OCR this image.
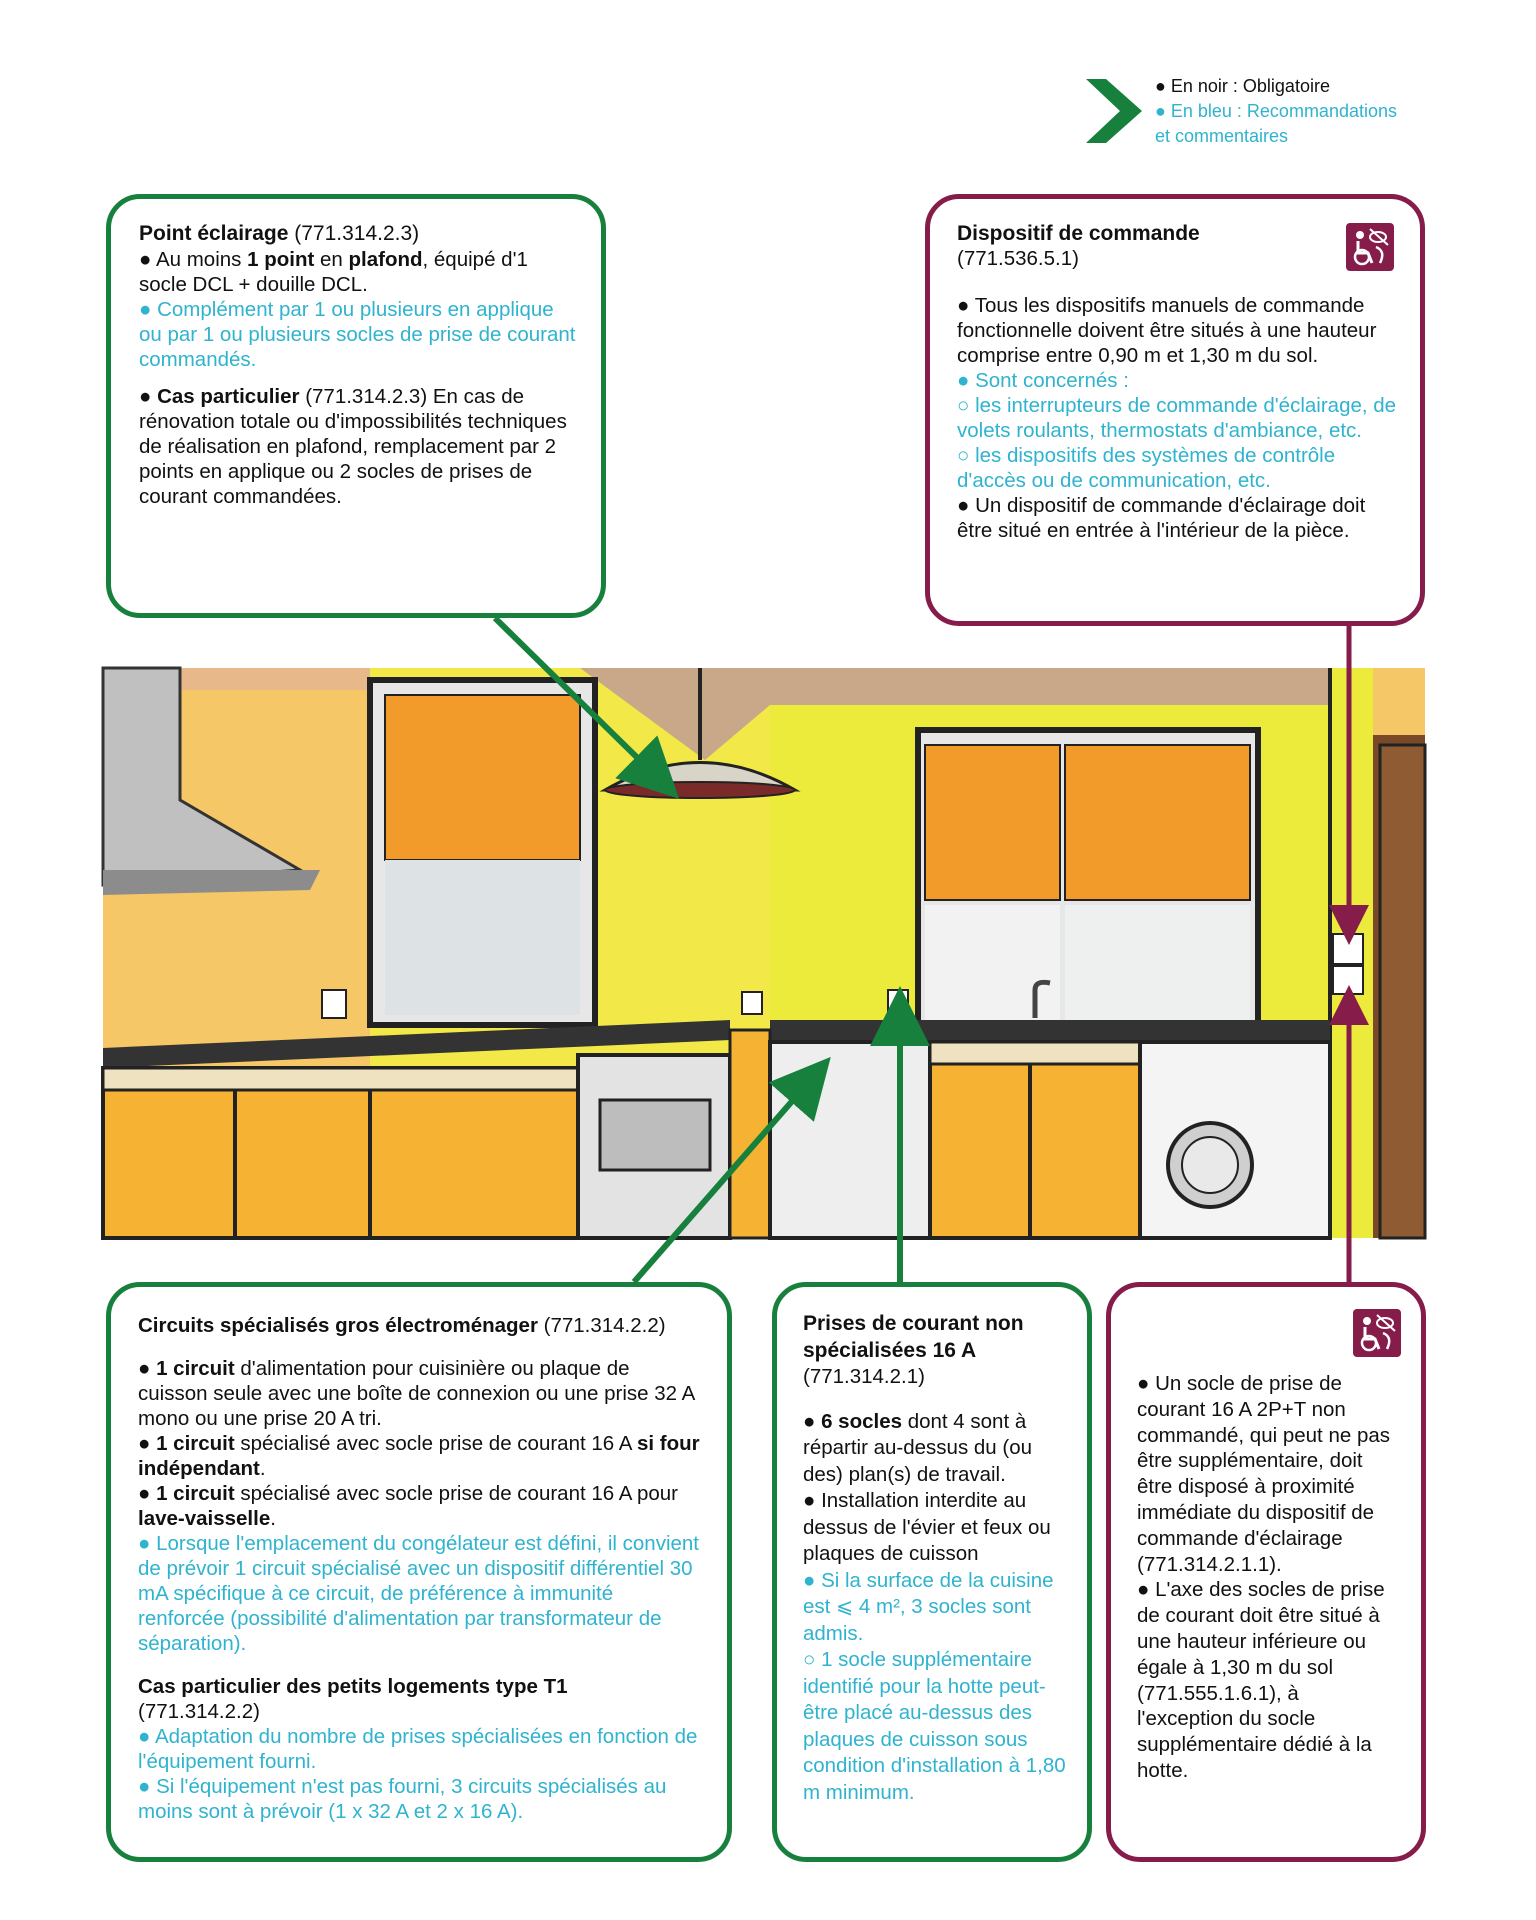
● En noir : Obligatoire
● En bleu : Recommandations
et commentaires

Point éclairage (771.314.2.3)

● Au moins 1 point en plafond, équipé d'1 socle DCL + douille DCL.

● Complément par 1 ou plusieurs en applique ou par 1 ou plusieurs socles de prise de courant commandés.

● Cas particulier (771.314.2.3) En cas de rénovation totale ou d'impossibilités techniques de réalisation en plafond, remplacement par 2 points en applique ou 2 socles de prises de courant commandées.

Dispositif de commande

(771.536.5.1)

● Tous les dispositifs manuels de commande fonctionnelle doivent être situés à une hauteur comprise entre 0,90 m et 1,30 m du sol.

● Sont concernés :

○ les interrupteurs de commande d'éclairage, de volets roulants, thermostats d'ambiance, etc.

○ les dispositifs des systèmes de contrôle d'accès ou de communication, etc.

● Un dispositif de commande d'éclairage doit être situé en entrée à l'intérieur de la pièce.

Circuits spécialisés gros électroménager (771.314.2.2)

● 1 circuit d'alimentation pour cuisinière ou plaque de cuisson seule avec une boîte de connexion ou une prise 32 A mono ou une prise 20 A tri.

● 1 circuit spécialisé avec socle prise de courant 16 A si four indépendant.

● 1 circuit spécialisé avec socle prise de courant 16 A pour lave-vaisselle.

● Lorsque l'emplacement du congélateur est défini, il convient de prévoir 1 circuit spécialisé avec un dispositif différentiel 30 mA spécifique à ce circuit, de préférence à immunité renforcée (possibilité d'alimentation par transformateur de séparation).

Cas particulier des petits logements type T1

(771.314.2.2)

● Adaptation du nombre de prises spécialisées en fonction de l'équipement fourni.

● Si l'équipement n'est pas fourni, 3 circuits spécialisés au moins sont à prévoir (1 x 32 A et 2 x 16 A).

Prises de courant non spécialisées 16 A

(771.314.2.1)

● 6 socles dont 4 sont à répartir au-dessus du (ou des) plan(s) de travail.

● Installation interdite au dessus de l'évier et feux ou plaques de cuisson

● Si la surface de la cuisine est ⩽ 4 m², 3 socles sont admis.

○ 1 socle supplémentaire identifié pour la hotte peut-être placé au-dessus des plaques de cuisson sous condition d'installation à 1,80 m minimum.

● Un socle de prise de courant 16 A 2P+T non commandé, qui peut ne pas être supplémentaire, doit être disposé à proximité immédiate du dispositif de commande d'éclairage (771.314.2.1.1).

● L'axe des socles de prise de courant doit être situé à une hauteur inférieure ou égale à 1,30 m du sol (771.555.1.6.1), à l'exception du socle supplémentaire dédié à la hotte.
